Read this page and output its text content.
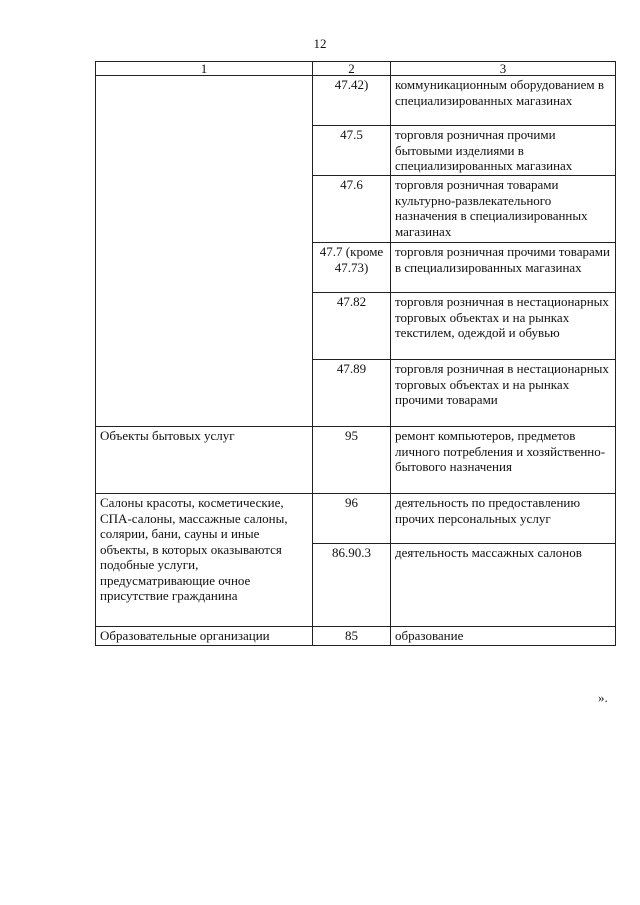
12
1	2	3
	47.42)	коммуникационным оборудованием в специализированных магазинах
	47.5	торговля розничная прочими бытовыми изделиями в специализированных магазинах
	47.6	торговля розничная товарами культурно-развлекательного назначения в специализированных магазинах
	47.7 (кроме 47.73)	торговля розничная прочими товарами в специализированных магазинах
	47.82	торговля розничная в нестационарных торговых объектах и на рынках текстилем, одеждой и обувью
	47.89	торговля розничная в нестационарных торговых объектах и на рынках прочими товарами
Объекты бытовых услуг	95	ремонт компьютеров, предметов личного потребления и хозяйственно-бытового назначения
Салоны красоты, косметические, СПА-салоны, массажные салоны, солярии, бани, сауны и иные объекты, в которых оказываются подобные услуги, предусматривающие очное присутствие гражданина	96	деятельность по предоставлению прочих персональных услуг
	86.90.3	деятельность массажных салонов
Образовательные организации	85	образование
».
